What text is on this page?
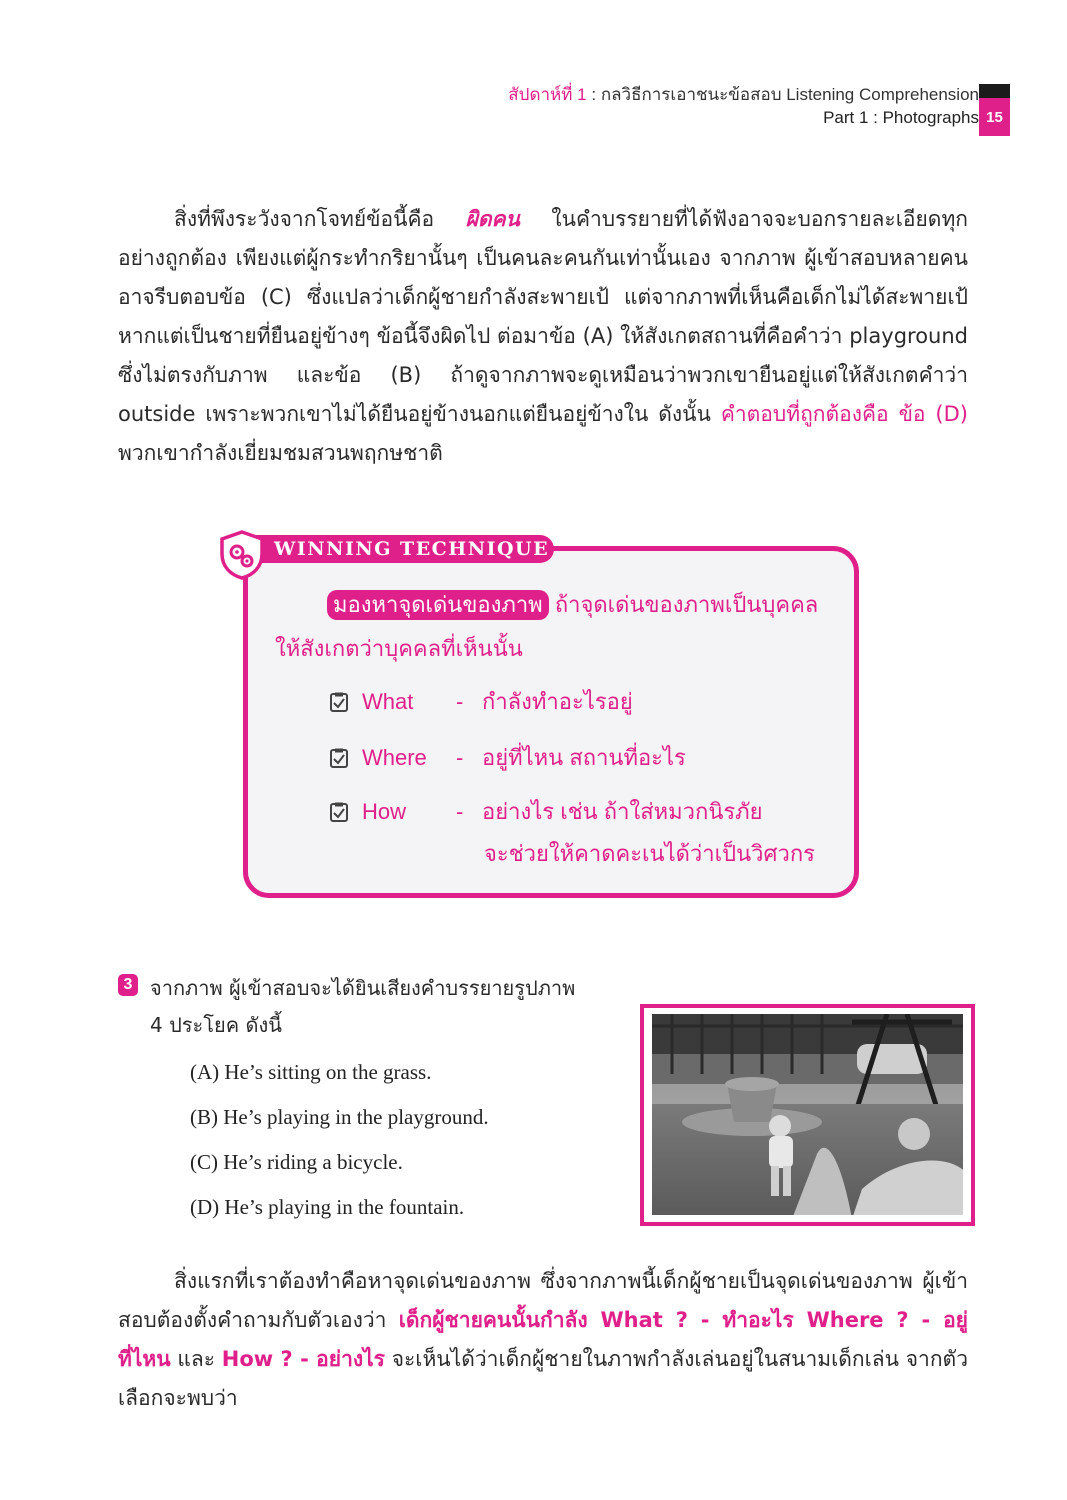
สัปดาห์ที่ 1 : กลวิธีการเอาชนะข้อสอบ Listening Comprehension
Part 1 : Photographs 15
สิ่งที่พึงระวังจากโจทย์ข้อนี้คือ ผิดคน ในคำบรรยายที่ได้ฟังอาจจะบอกรายละเอียดทุกอย่างถูกต้อง เพียงแต่ผู้กระทำกริยานั้นๆ เป็นคนละคนกันเท่านั้นเอง จากภาพ ผู้เข้าสอบหลายคนอาจรีบตอบข้อ (C) ซึ่งแปลว่าเด็กผู้ชายกำลังสะพายเป้ แต่จากภาพที่เห็นคือเด็กไม่ได้สะพายเป้ หากแต่เป็นชายที่ยืนอยู่ข้างๆ ข้อนี้จึงผิดไป ต่อมาข้อ (A) ให้สังเกตสถานที่คือคำว่า playground ซึ่งไม่ตรงกับภาพ และข้อ (B) ถ้าดูจากภาพจะดูเหมือนว่าพวกเขายืนอยู่แต่ให้สังเกตคำว่า outside เพราะพวกเขาไม่ได้ยืนอยู่ข้างนอกแต่ยืนอยู่ข้างใน ดังนั้น คำตอบที่ถูกต้องคือ ข้อ (D) พวกเขากำลังเยี่ยมชมสวนพฤกษชาติ
WINNING TECHNIQUE
มองหาจุดเด่นของภาพ ถ้าจุดเด่นของภาพเป็นบุคคล
ให้สังเกตว่าบุคคลที่เห็นนั้น
What - กำลังทำอะไรอยู่
Where - อยู่ที่ไหน สถานที่อะไร
How - อย่างไร เช่น ถ้าใส่หมวกนิรภัย
จะช่วยให้คาดคะเนได้ว่าเป็นวิศวกร
3 จากภาพ ผู้เข้าสอบจะได้ยินเสียงคำบรรยายรูปภาพ
4 ประโยค ดังนี้
(A) He’s sitting on the grass.
(B) He’s playing in the playground.
(C) He’s riding a bicycle.
(D) He’s playing in the fountain.
สิ่งแรกที่เราต้องทำคือหาจุดเด่นของภาพ ซึ่งจากภาพนี้เด็กผู้ชายเป็นจุดเด่นของภาพ ผู้เข้าสอบต้องตั้งคำถามกับตัวเองว่า เด็กผู้ชายคนนั้นกำลัง What ? - ทำอะไร Where ? - อยู่ที่ไหน และ How ? - อย่างไร จะเห็นได้ว่าเด็กผู้ชายในภาพกำลังเล่นอยู่ในสนามเด็กเล่น จากตัวเลือกจะพบว่า
